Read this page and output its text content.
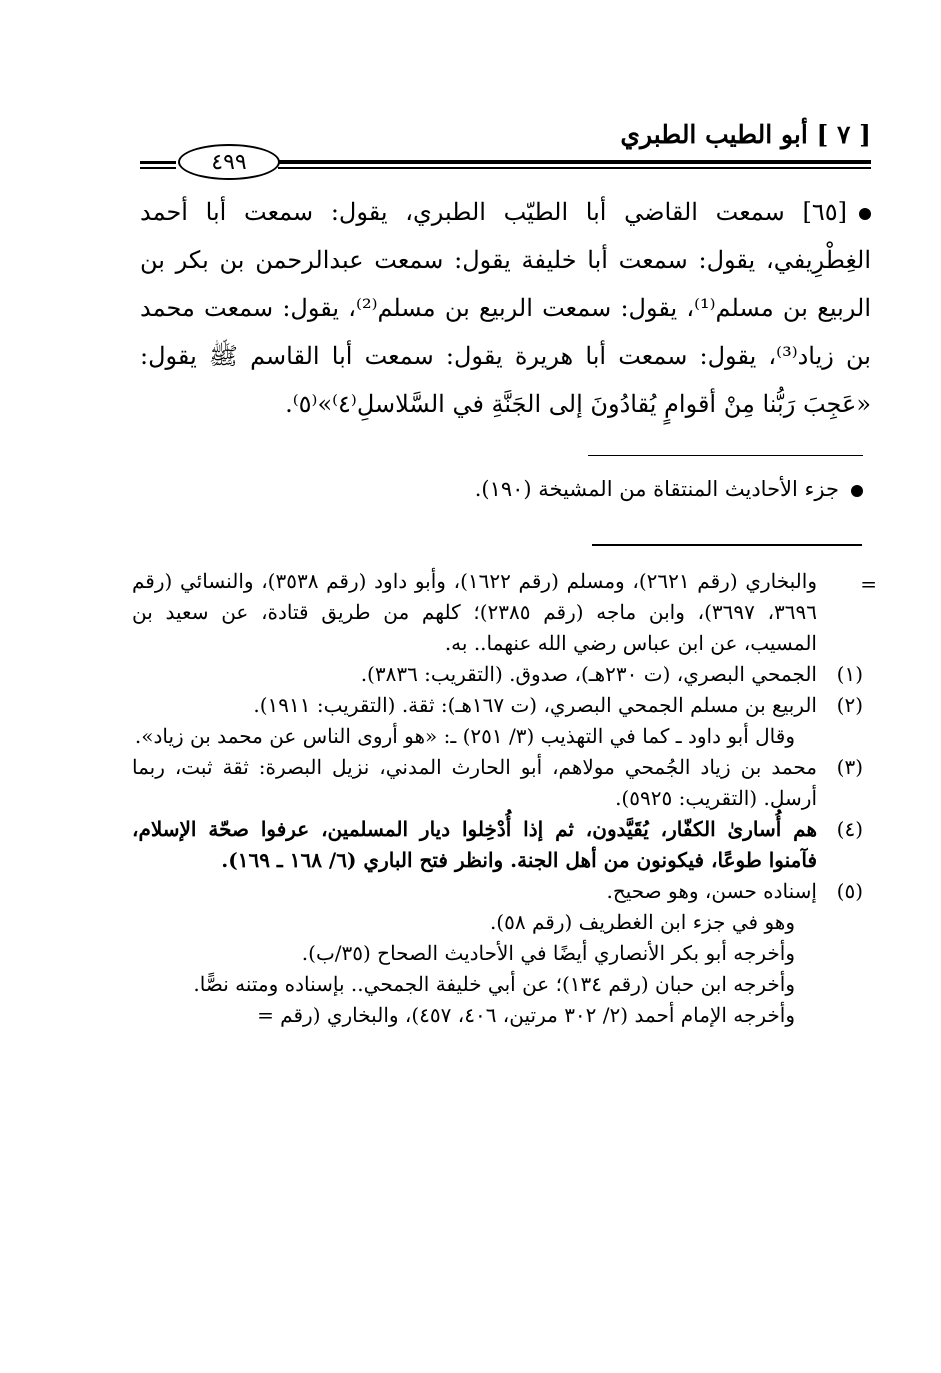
[ ٧ ] أبو الطيب الطبري
٤٩٩

[٦٥] سمعت القاضي أبا الطيّب الطبري، يقول: سمعت أبا أحمد الغِطْرِيفي، يقول: سمعت أبا خليفة يقول: سمعت عبدالرحمن بن بكر بن الربيع بن مسلم⁽¹⁾، يقول: سمعت الربيع بن مسلم⁽²⁾، يقول: سمعت محمد بن زياد⁽³⁾، يقول: سمعت أبا هريرة يقول: سمعت أبا القاسم ﷺ يقول: «عَجِبَ رَبُّنا مِنْ أقوامٍ يُقادُونَ إلى الجَنَّةِ في السَّلاسلِ⁽٤⁾»⁽٥⁾.

جزء الأحاديث المنتقاة من المشيخة (١٩٠).
=
والبخاري (رقم ٢٦٢١)، ومسلم (رقم ١٦٢٢)، وأبو داود (رقم ٣٥٣٨)، والنسائي (رقم ٣٦٩٦، ٣٦٩٧)، وابن ماجه (رقم ٢٣٨٥)؛ كلهم من طريق قتادة، عن سعيد بن المسيب، عن ابن عباس رضي الله عنهما.. به.
(١)

الجمحي البصري، (ت ٢٣٠هـ)، صدوق. (التقريب: ٣٨٣٦).

(٢)

الربيع بن مسلم الجمحي البصري، (ت ١٦٧هـ): ثقة. (التقريب: ١٩١١).

وقال أبو داود ـ كما في التهذيب (٣/ ٢٥١) ـ: «هو أروى الناس عن محمد بن زياد».

(٣)

محمد بن زياد الجُمحي مولاهم، أبو الحارث المدني، نزيل البصرة: ثقة ثبت، ربما أرسل. (التقريب: ٥٩٢٥).

(٤)

هم أُسارىٰ الكفّار، يُقَيَّدون، ثم إذا أُدْخِلوا ديار المسلمين، عرفوا صحّة الإسلام، فآمنوا طوعًا، فيكونون من أهل الجنة. وانظر فتح الباري (٦/ ١٦٨ ـ ١٦٩).

(٥)

إسناده حسن، وهو صحيح.

وهو في جزء ابن الغطريف (رقم ٥٨).

وأخرجه أبو بكر الأنصاري أيضًا في الأحاديث الصحاح (٣٥/ب).

وأخرجه ابن حبان (رقم ١٣٤)؛ عن أبي خليفة الجمحي.. بإسناده ومتنه نصًّا.

وأخرجه الإمام أحمد (٢/ ٣٠٢ مرتين، ٤٠٦، ٤٥٧)، والبخاري (رقم =
